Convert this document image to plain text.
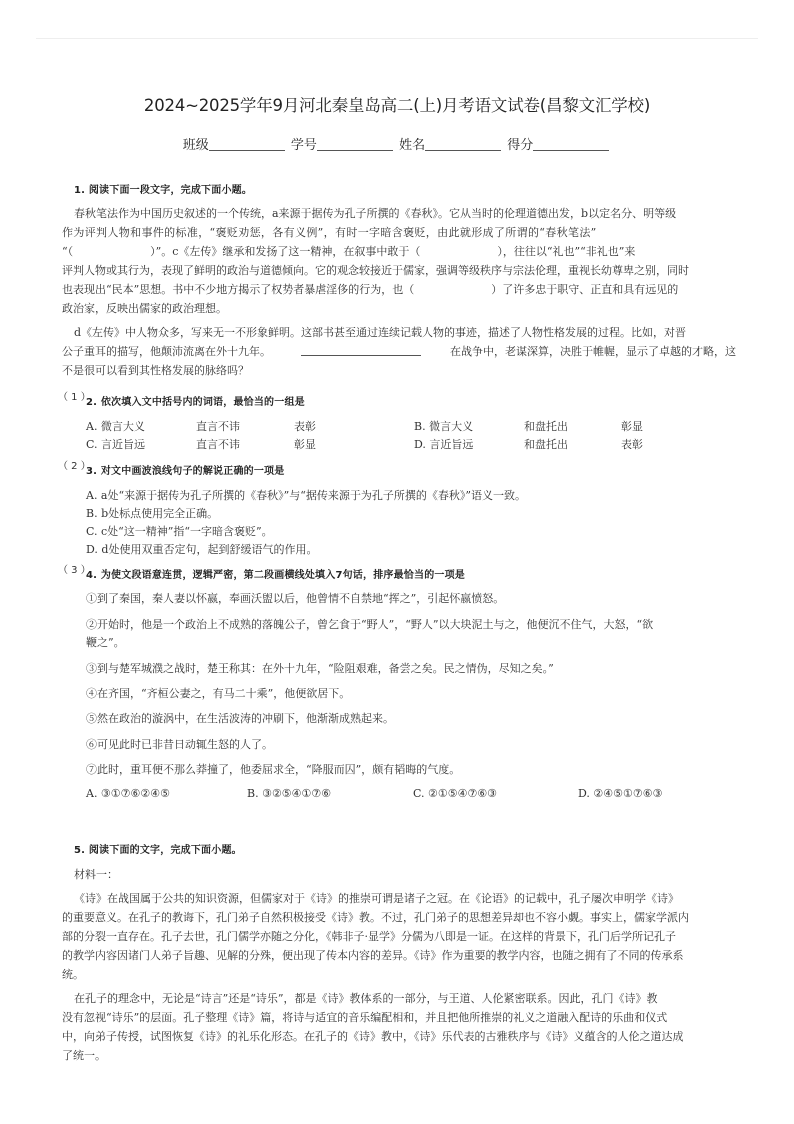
2024~2025学年9月河北秦皇岛高二(上)月考语文试卷(昌黎文汇学校)
班级	学号	姓名	得分
1. 阅读下面一段文字，完成下面小题。
春秋笔法作为中国历史叙述的一个传统，a来源于据传为孔子所撰的《春秋》。它从当时的伦理道德出发，b以定名分、明等级
作为评判人物和事件的标准，“褒贬劝惩，各有义例”，有时一字暗含褒贬，由此就形成了所谓的“春秋笔法”
“（　　　　　　　）”。c《左传》继承和发扬了这一精神，在叙事中敢于（　　　　　　　），往往以“礼也”“非礼也”来
评判人物或其行为，表现了鲜明的政治与道德倾向。它的观念较接近于儒家，强调等级秩序与宗法伦理，重视长幼尊卑之别，同时
也表现出“民本”思想。书中不少地方揭示了权势者暴虐淫侈的行为，也（　　　　　　　）了许多忠于职守、正直和具有远见的
政治家，反映出儒家的政治理想。
d《左传》中人物众多，写来无一不形象鲜明。这部书甚至通过连续记载人物的事迹，描述了人物性格发展的过程。比如，对晋
公子重耳的描写，他颠沛流离在外十九年。	在战争中，老谋深算，决胜于帷幄，显示了卓越的才略，这
不是很可以看到其性格发展的脉络吗？
（ 1 ）
2. 依次填入文中括号内的词语，最恰当的一组是
A. 微言大义	直言不讳	表彰	B. 微言大义	和盘托出	彰显
C. 言近旨远	直言不讳	彰显	D. 言近旨远	和盘托出	表彰
（ 2 ）
3. 对文中画波浪线句子的解说正确的一项是
A. a处“来源于据传为孔子所撰的《春秋》”与“据传来源于为孔子所撰的《春秋》”语义一致。
B. b处标点使用完全正确。
C. c处“这一精神”指“一字暗含褒贬”。
D. d处使用双重否定句，起到舒缓语气的作用。
（ 3 ）
4. 为使文段语意连贯，逻辑严密，第二段画横线处填入7句话，排序最恰当的一项是
①到了秦国，秦人妻以怀嬴，奉画沃盥以后，他曾情不自禁地“挥之”，引起怀嬴愤怒。
②开始时，他是一个政治上不成熟的落魄公子，曾乞食于“野人”，“野人”以大块泥土与之，他便沉不住气，大怒，“欲
鞭之”。
③到与楚军城濮之战时，楚王称其：在外十九年，“险阻艰难，备尝之矣。民之情伪，尽知之矣。”
④在齐国，“齐桓公妻之，有马二十乘”，他便欲居下。
⑤然在政治的漩涡中，在生活波涛的冲刷下，他渐渐成熟起来。
⑥可见此时已非昔日动辄生怒的人了。
⑦此时，重耳便不那么莽撞了，他委屈求全，“降服而囚”，颇有韬晦的气度。
A. ③①⑦⑥②④⑤	B. ③②⑤④①⑦⑥	C. ②①⑤④⑦⑥③	D. ②④⑤①⑦⑥③
5. 阅读下面的文字，完成下面小题。
材料一：
《诗》在战国属于公共的知识资源，但儒家对于《诗》的推崇可谓是诸子之冠。在《论语》的记载中，孔子屡次申明学《诗》
的重要意义。在孔子的教诲下，孔门弟子自然积极接受《诗》教。不过，孔门弟子的思想差异却也不容小觑。事实上，儒家学派内
部的分裂一直存在。孔子去世，孔门儒学亦随之分化，《韩非子·显学》分儒为八即是一证。在这样的背景下，孔门后学所记孔子
的教学内容因诸门人弟子旨趣、见解的分殊，便出现了传本内容的差异。《诗》作为重要的教学内容，也随之拥有了不同的传承系
统。
在孔子的理念中，无论是“诗言”还是“诗乐”，都是《诗》教体系的一部分，与王道、人伦紧密联系。因此，孔门《诗》教
没有忽视“诗乐”的层面。孔子整理《诗》篇，将诗与适宜的音乐编配相和，并且把他所推崇的礼义之道融入配诗的乐曲和仪式
中，向弟子传授，试图恢复《诗》的礼乐化形态。在孔子的《诗》教中，《诗》乐代表的古雅秩序与《诗》义蕴含的人伦之道达成
了统一。
